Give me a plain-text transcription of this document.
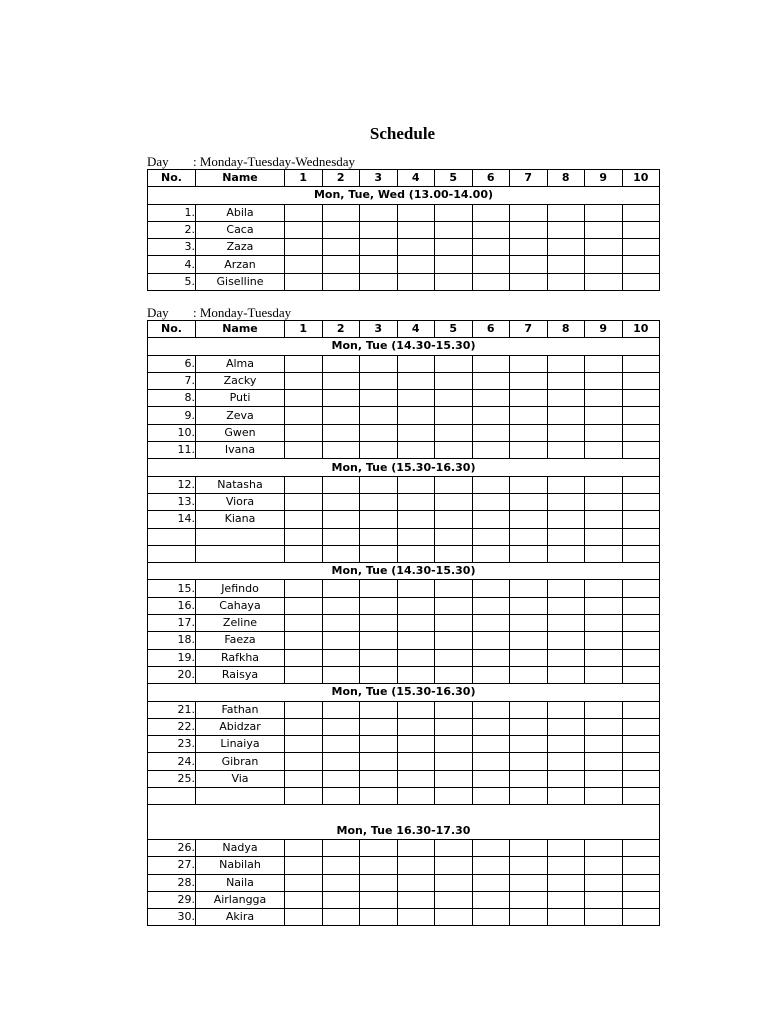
Schedule
Day : Monday-Tuesday-Wednesday
No.	Name	1	2	3	4	5	6	7	8	9	10
Mon, Tue, Wed (13.00-14.00)											
1.	Abila										
2.	Caca										
3.	Zaza										
4.	Arzan										
5.	Giselline										
Day : Monday-Tuesday
No.	Name	1	2	3	4	5	6	7	8	9	10
Mon, Tue (14.30-15.30)											
6.	Alma										
7.	Zacky										
8.	Puti										
9.	Zeva										
10.	Gwen										
11.	Ivana										
Mon, Tue (15.30-16.30)											
12.	Natasha										
13.	Viora										
14.	Kiana										

Mon, Tue (14.30-15.30)											
15.	Jefindo										
16.	Cahaya										
17.	Zeline										
18.	Faeza										
19.	Rafkha										
20.	Raisya										
Mon, Tue (15.30-16.30)											
21.	Fathan										
22.	Abidzar										
23.	Linaiya										
24.	Gibran										
25.	Via										

Mon, Tue 16.30-17.30											
26.	Nadya										
27.	Nabilah										
28.	Naila										
29.	Airlangga										
30.	Akira										
